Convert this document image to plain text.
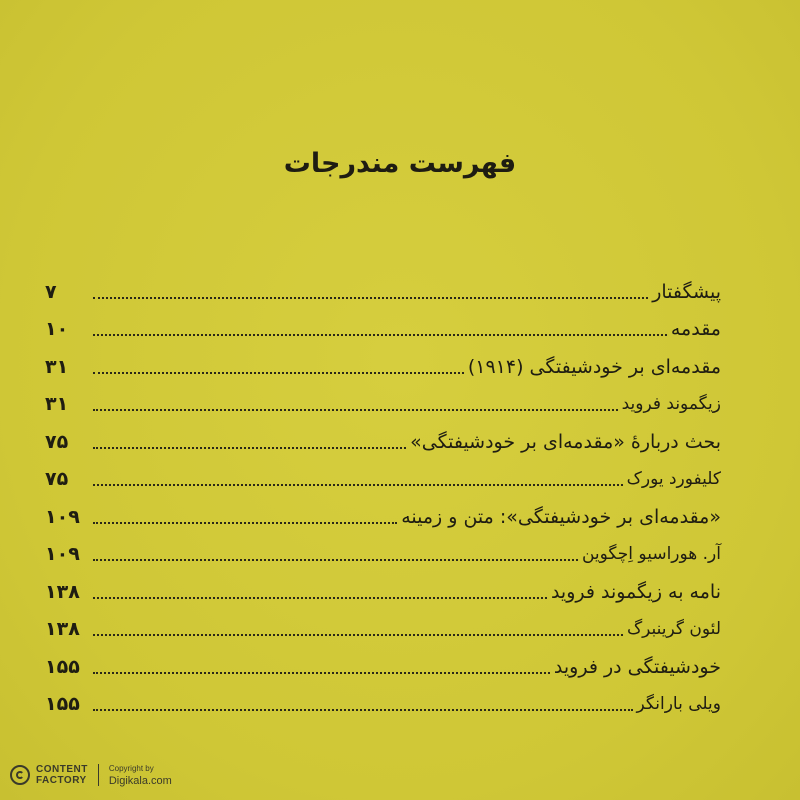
فهرست مندرجات
پیشگفتار
۷
مقدمه
۱۰
مقدمه‌ای بر خودشیفتگی (۱۹۱۴)
۳۱
زیگموند فروید
۳۱
بحث دربارهٔ «مقدمه‌ای بر خودشیفتگی»
۷۵
کلیفورد یورک
۷۵
«مقدمه‌ای بر خودشیفتگی»: متن و زمینه
۱۰۹
آر. هوراسیو اِچگوین
۱۰۹
نامه به زیگموند فروید
۱۳۸
لئون گرینبرگ
۱۳۸
خودشیفتگی در فروید
۱۵۵
ویلی بارانگر
۱۵۵
CONTENT
FACTORY
Copyright by
Digikala.com
